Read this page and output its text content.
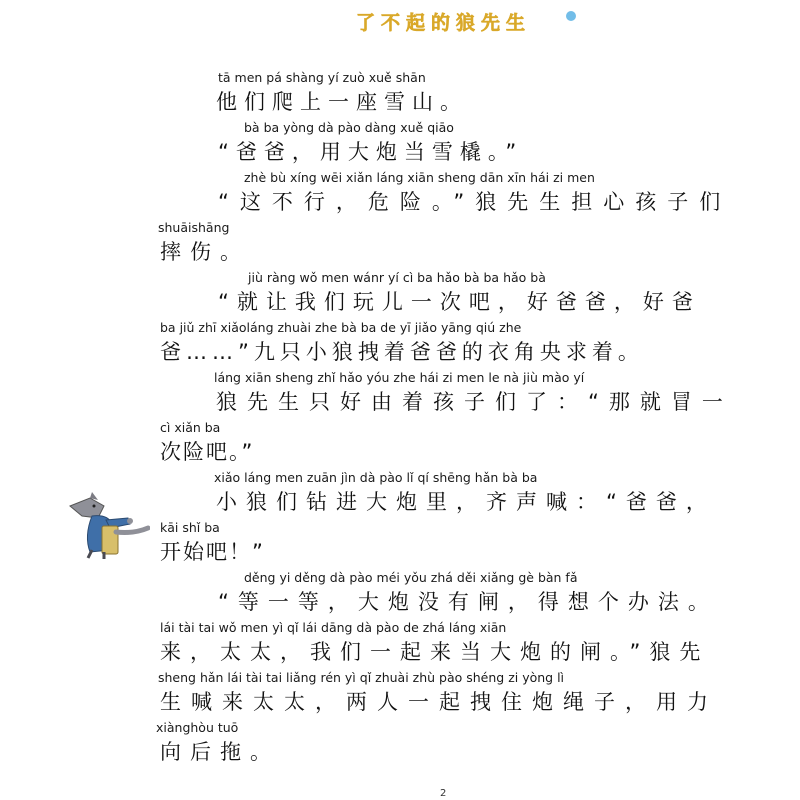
了不起的狼先生
tā men pá shàng yí zuò xuě shān
他们爬上一座雪山。
bà ba yòng dà pào dàng xuě qiāo
“爸爸，用大炮当雪橇。”
zhè bù xíng wēi xiǎn láng xiān sheng dān xīn hái zi men
“这不行，危险。”狼先生担心孩子们
shuāishāng
摔伤。
jiù ràng wǒ men wánr yí cì ba hǎo bà ba hǎo bà
“就让我们玩儿一次吧，好爸爸，好爸
ba jiǔ zhī xiǎoláng zhuài zhe bà ba de yī jiǎo yāng qiú zhe
爸……”九只小狼拽着爸爸的衣角央求着。
láng xiān sheng zhǐ hǎo yóu zhe hái zi men le nà jiù mào yí
狼先生只好由着孩子们了：“那就冒一
cì xiǎn ba
次险吧。”
xiǎo láng men zuān jìn dà pào lǐ qí shēng hǎn bà ba
小狼们钻进大炮里，齐声喊：“爸爸，
kāi shǐ ba
开始吧！”
děng yi děng dà pào méi yǒu zhá děi xiǎng gè bàn fǎ
“等一等，大炮没有闸，得想个办法。
lái tài tai wǒ men yì qǐ lái dāng dà pào de zhá láng xiān
来，太太，我们一起来当大炮的闸。”狼先
sheng hǎn lái tài tai liǎng rén yì qǐ zhuài zhù pào shéng zi yòng lì
生喊来太太，两人一起拽住炮绳子，用力
xiànghòu tuō
向后拖。
2
